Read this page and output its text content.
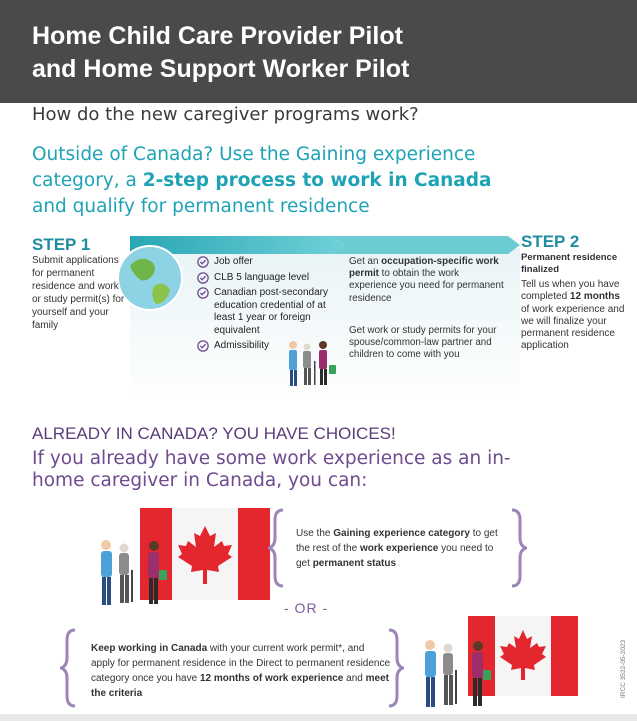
Home Child Care Provider Pilot
and Home Support Worker Pilot
How do the new caregiver programs work?
Outside of Canada? Use the Gaining experience category, a 2-step process to work in Canada and qualify for permanent residence
STEP 1
Submit applications for permanent residence and work or study permit(s) for yourself and your family
Job offer
CLB 5 language level
Canadian post-secondary education credential of at least 1 year or foreign equivalent
Admissibility
Get an occupation-specific work permit to obtain the work experience you need for permanent residence
Get work or study permits for your spouse/common-law partner and children to come with you
STEP 2
Permanent residence finalized
Tell us when you have completed 12 months of work experience and we will finalize your permanent residence application
ALREADY IN CANADA? YOU HAVE CHOICES!
If you already have some work experience as an in-home caregiver in Canada, you can:
Use the Gaining experience category to get the rest of the work experience you need to get permanent status
- OR -
Keep working in Canada with your current work permit*, and apply for permanent residence in the Direct to permanent residence category once you have 12 months of work experience and meet the criteria	IRCC 3532-05-2023
